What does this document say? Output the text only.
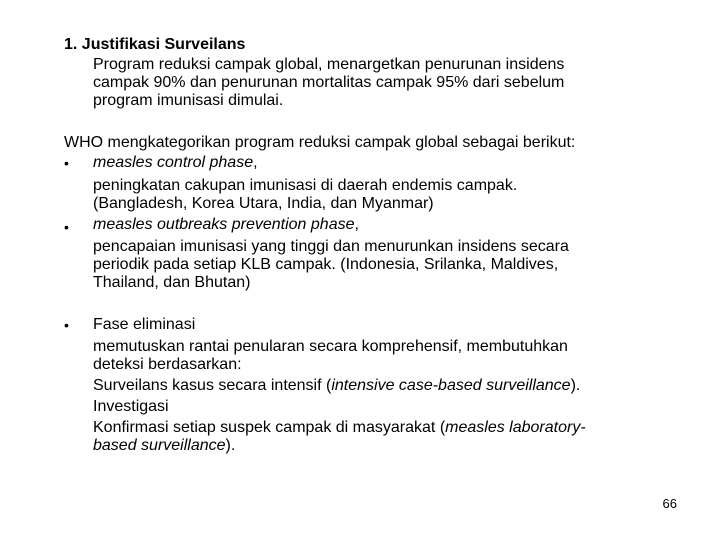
1. Justifikasi Surveilans
Program reduksi campak global, menargetkan penurunan insidens
campak 90% dan penurunan mortalitas campak 95% dari sebelum
program imunisasi dimulai.
WHO mengkategorikan program reduksi campak global sebagai berikut:
• measles control phase,
peningkatan cakupan imunisasi di daerah endemis campak.
(Bangladesh, Korea Utara, India, dan Myanmar)
• measles outbreaks prevention phase,
pencapaian imunisasi yang tinggi dan menurunkan insidens secara
periodik pada setiap KLB campak. (Indonesia, Srilanka, Maldives,
Thailand, dan Bhutan)
• Fase eliminasi
memutuskan rantai penularan secara komprehensif, membutuhkan
deteksi berdasarkan:
Surveilans kasus secara intensif (intensive case-based surveillance).
Investigasi
Konfirmasi setiap suspek campak di masyarakat (measles laboratory-
based surveillance).
66
